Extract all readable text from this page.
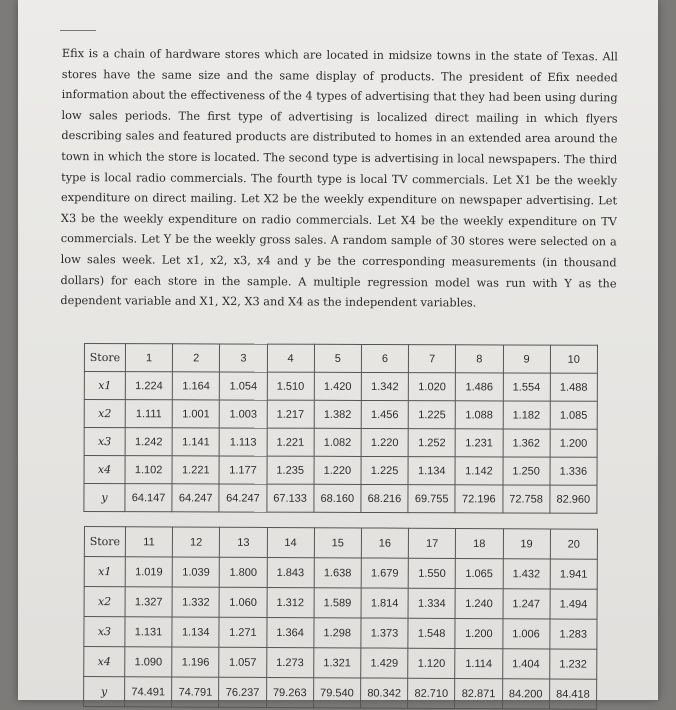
Efix is a chain of hardware stores which are located in midsize towns in the state of Texas. All stores have the same size and the same display of products. The president of Efix needed information about the effectiveness of the 4 types of advertising that they had been using during low sales periods. The first type of advertising is localized direct mailing in which flyers describing sales and featured products are distributed to homes in an extended area around the town in which the store is located. The second type is advertising in local newspapers. The third type is local radio commercials. The fourth type is local TV commercials. Let X1 be the weekly expenditure on direct mailing. Let X2 be the weekly expenditure on newspaper advertising. Let X3 be the weekly expenditure on radio commercials. Let X4 be the weekly expenditure on TV commercials. Let Y be the weekly gross sales. A random sample of 30 stores were selected on a low sales week. Let x1, x2, x3, x4 and y be the corresponding measurements (in thousand dollars) for each store in the sample. A multiple regression model was run with Y as the dependent variable and X1, X2, X3 and X4 as the independent variables.
Store	1	2	3	4	5	6	7	8	9	10
x1	1.224	1.164	1.054	1.510	1.420	1.342	1.020	1.486	1.554	1.488
x2	1.111	1.001	1.003	1.217	1.382	1.456	1.225	1.088	1.182	1.085
x3	1.242	1.141	1.113	1.221	1.082	1.220	1.252	1.231	1.362	1.200
x4	1.102	1.221	1.177	1.235	1.220	1.225	1.134	1.142	1.250	1.336
y	64.147	64.247	64.247	67.133	68.160	68.216	69.755	72.196	72.758	82.960
Store	11	12	13	14	15	16	17	18	19	20
x1	1.019	1.039	1.800	1.843	1.638	1.679	1.550	1.065	1.432	1.941
x2	1.327	1.332	1.060	1.312	1.589	1.814	1.334	1.240	1.247	1.494
x3	1.131	1.134	1.271	1.364	1.298	1.373	1.548	1.200	1.006	1.283
x4	1.090	1.196	1.057	1.273	1.321	1.429	1.120	1.114	1.404	1.232
y	74.491	74.791	76.237	79.263	79.540	80.342	82.710	82.871	84.200	84.418
